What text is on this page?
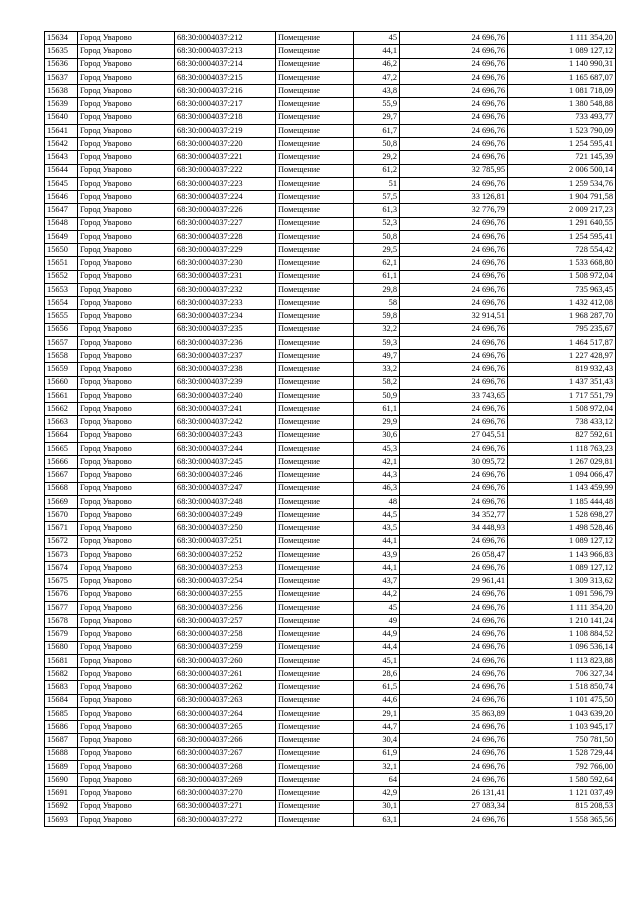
15634	Город Уварово	68:30:0004037:212	Помещение	45	24 696,76	1 111 354,20
15635	Город Уварово	68:30:0004037:213	Помещение	44,1	24 696,76	1 089 127,12
15636	Город Уварово	68:30:0004037:214	Помещение	46,2	24 696,76	1 140 990,31
15637	Город Уварово	68:30:0004037:215	Помещение	47,2	24 696,76	1 165 687,07
15638	Город Уварово	68:30:0004037:216	Помещение	43,8	24 696,76	1 081 718,09
15639	Город Уварово	68:30:0004037:217	Помещение	55,9	24 696,76	1 380 548,88
15640	Город Уварово	68:30:0004037:218	Помещение	29,7	24 696,76	733 493,77
15641	Город Уварово	68:30:0004037:219	Помещение	61,7	24 696,76	1 523 790,09
15642	Город Уварово	68:30:0004037:220	Помещение	50,8	24 696,76	1 254 595,41
15643	Город Уварово	68:30:0004037:221	Помещение	29,2	24 696,76	721 145,39
15644	Город Уварово	68:30:0004037:222	Помещение	61,2	32 785,95	2 006 500,14
15645	Город Уварово	68:30:0004037:223	Помещение	51	24 696,76	1 259 534,76
15646	Город Уварово	68:30:0004037:224	Помещение	57,5	33 126,81	1 904 791,58
15647	Город Уварово	68:30:0004037:226	Помещение	61,3	32 776,79	2 009 217,23
15648	Город Уварово	68:30:0004037:227	Помещение	52,3	24 696,76	1 291 640,55
15649	Город Уварово	68:30:0004037:228	Помещение	50,8	24 696,76	1 254 595,41
15650	Город Уварово	68:30:0004037:229	Помещение	29,5	24 696,76	728 554,42
15651	Город Уварово	68:30:0004037:230	Помещение	62,1	24 696,76	1 533 668,80
15652	Город Уварово	68:30:0004037:231	Помещение	61,1	24 696,76	1 508 972,04
15653	Город Уварово	68:30:0004037:232	Помещение	29,8	24 696,76	735 963,45
15654	Город Уварово	68:30:0004037:233	Помещение	58	24 696,76	1 432 412,08
15655	Город Уварово	68:30:0004037:234	Помещение	59,8	32 914,51	1 968 287,70
15656	Город Уварово	68:30:0004037:235	Помещение	32,2	24 696,76	795 235,67
15657	Город Уварово	68:30:0004037:236	Помещение	59,3	24 696,76	1 464 517,87
15658	Город Уварово	68:30:0004037:237	Помещение	49,7	24 696,76	1 227 428,97
15659	Город Уварово	68:30:0004037:238	Помещение	33,2	24 696,76	819 932,43
15660	Город Уварово	68:30:0004037:239	Помещение	58,2	24 696,76	1 437 351,43
15661	Город Уварово	68:30:0004037:240	Помещение	50,9	33 743,65	1 717 551,79
15662	Город Уварово	68:30:0004037:241	Помещение	61,1	24 696,76	1 508 972,04
15663	Город Уварово	68:30:0004037:242	Помещение	29,9	24 696,76	738 433,12
15664	Город Уварово	68:30:0004037:243	Помещение	30,6	27 045,51	827 592,61
15665	Город Уварово	68:30:0004037:244	Помещение	45,3	24 696,76	1 118 763,23
15666	Город Уварово	68:30:0004037:245	Помещение	42,1	30 095,72	1 267 029,81
15667	Город Уварово	68:30:0004037:246	Помещение	44,3	24 696,76	1 094 066,47
15668	Город Уварово	68:30:0004037:247	Помещение	46,3	24 696,76	1 143 459,99
15669	Город Уварово	68:30:0004037:248	Помещение	48	24 696,76	1 185 444,48
15670	Город Уварово	68:30:0004037:249	Помещение	44,5	34 352,77	1 528 698,27
15671	Город Уварово	68:30:0004037:250	Помещение	43,5	34 448,93	1 498 528,46
15672	Город Уварово	68:30:0004037:251	Помещение	44,1	24 696,76	1 089 127,12
15673	Город Уварово	68:30:0004037:252	Помещение	43,9	26 058,47	1 143 966,83
15674	Город Уварово	68:30:0004037:253	Помещение	44,1	24 696,76	1 089 127,12
15675	Город Уварово	68:30:0004037:254	Помещение	43,7	29 961,41	1 309 313,62
15676	Город Уварово	68:30:0004037:255	Помещение	44,2	24 696,76	1 091 596,79
15677	Город Уварово	68:30:0004037:256	Помещение	45	24 696,76	1 111 354,20
15678	Город Уварово	68:30:0004037:257	Помещение	49	24 696,76	1 210 141,24
15679	Город Уварово	68:30:0004037:258	Помещение	44,9	24 696,76	1 108 884,52
15680	Город Уварово	68:30:0004037:259	Помещение	44,4	24 696,76	1 096 536,14
15681	Город Уварово	68:30:0004037:260	Помещение	45,1	24 696,76	1 113 823,88
15682	Город Уварово	68:30:0004037:261	Помещение	28,6	24 696,76	706 327,34
15683	Город Уварово	68:30:0004037:262	Помещение	61,5	24 696,76	1 518 850,74
15684	Город Уварово	68:30:0004037:263	Помещение	44,6	24 696,76	1 101 475,50
15685	Город Уварово	68:30:0004037:264	Помещение	29,1	35 863,89	1 043 639,20
15686	Город Уварово	68:30:0004037:265	Помещение	44,7	24 696,76	1 103 945,17
15687	Город Уварово	68:30:0004037:266	Помещение	30,4	24 696,76	750 781,50
15688	Город Уварово	68:30:0004037:267	Помещение	61,9	24 696,76	1 528 729,44
15689	Город Уварово	68:30:0004037:268	Помещение	32,1	24 696,76	792 766,00
15690	Город Уварово	68:30:0004037:269	Помещение	64	24 696,76	1 580 592,64
15691	Город Уварово	68:30:0004037:270	Помещение	42,9	26 131,41	1 121 037,49
15692	Город Уварово	68:30:0004037:271	Помещение	30,1	27 083,34	815 208,53
15693	Город Уварово	68:30:0004037:272	Помещение	63,1	24 696,76	1 558 365,56
